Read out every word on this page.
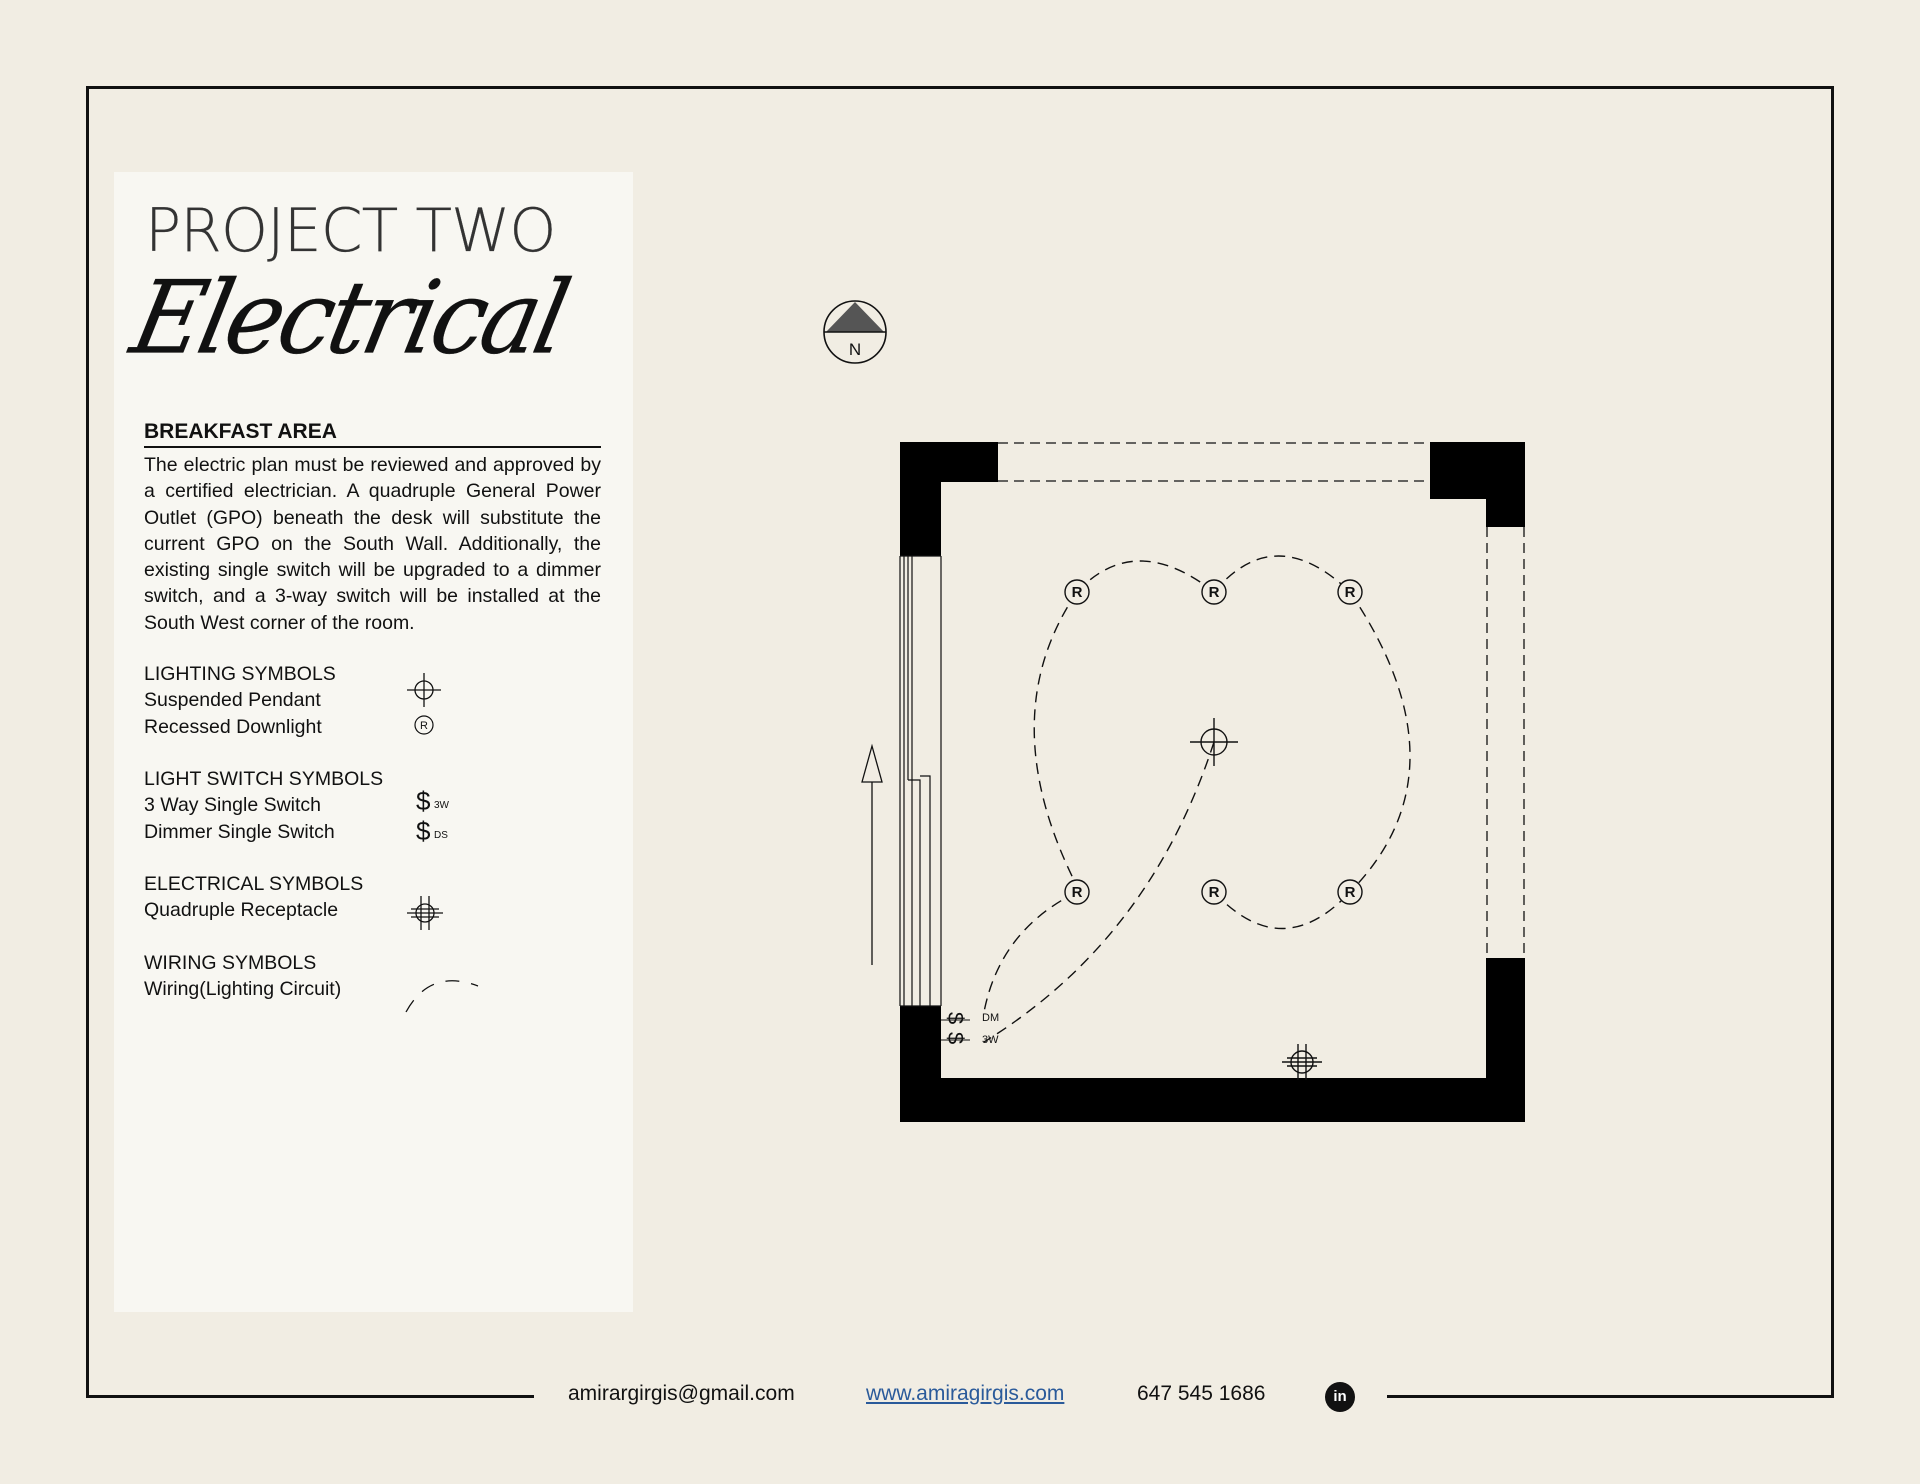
PROJECT TWO
Electrical
BREAKFAST AREA
The electric plan must be reviewed and approved by a certified electrician. A quadruple General Power Outlet (GPO) beneath the desk will substitute the current GPO on the South Wall. Additionally, the existing single switch will be upgraded to a dimmer switch, and a 3-way switch will be installed at the South West corner of the room.
LIGHTING SYMBOLS
Suspended Pendant
Recessed Downlight
LIGHT SWITCH SYMBOLS
3 Way Single Switch
Dimmer Single Switch
ELECTRICAL SYMBOLS
Quadruple Receptacle
WIRING SYMBOLS
Wiring(Lighting Circuit)
R
$ 3W
$ DS
N
R	R	R
R	R	R
$ DM
$ 3W
amirargirgis@gmail.com	www.amiragirgis.com	647 545 1686	in
